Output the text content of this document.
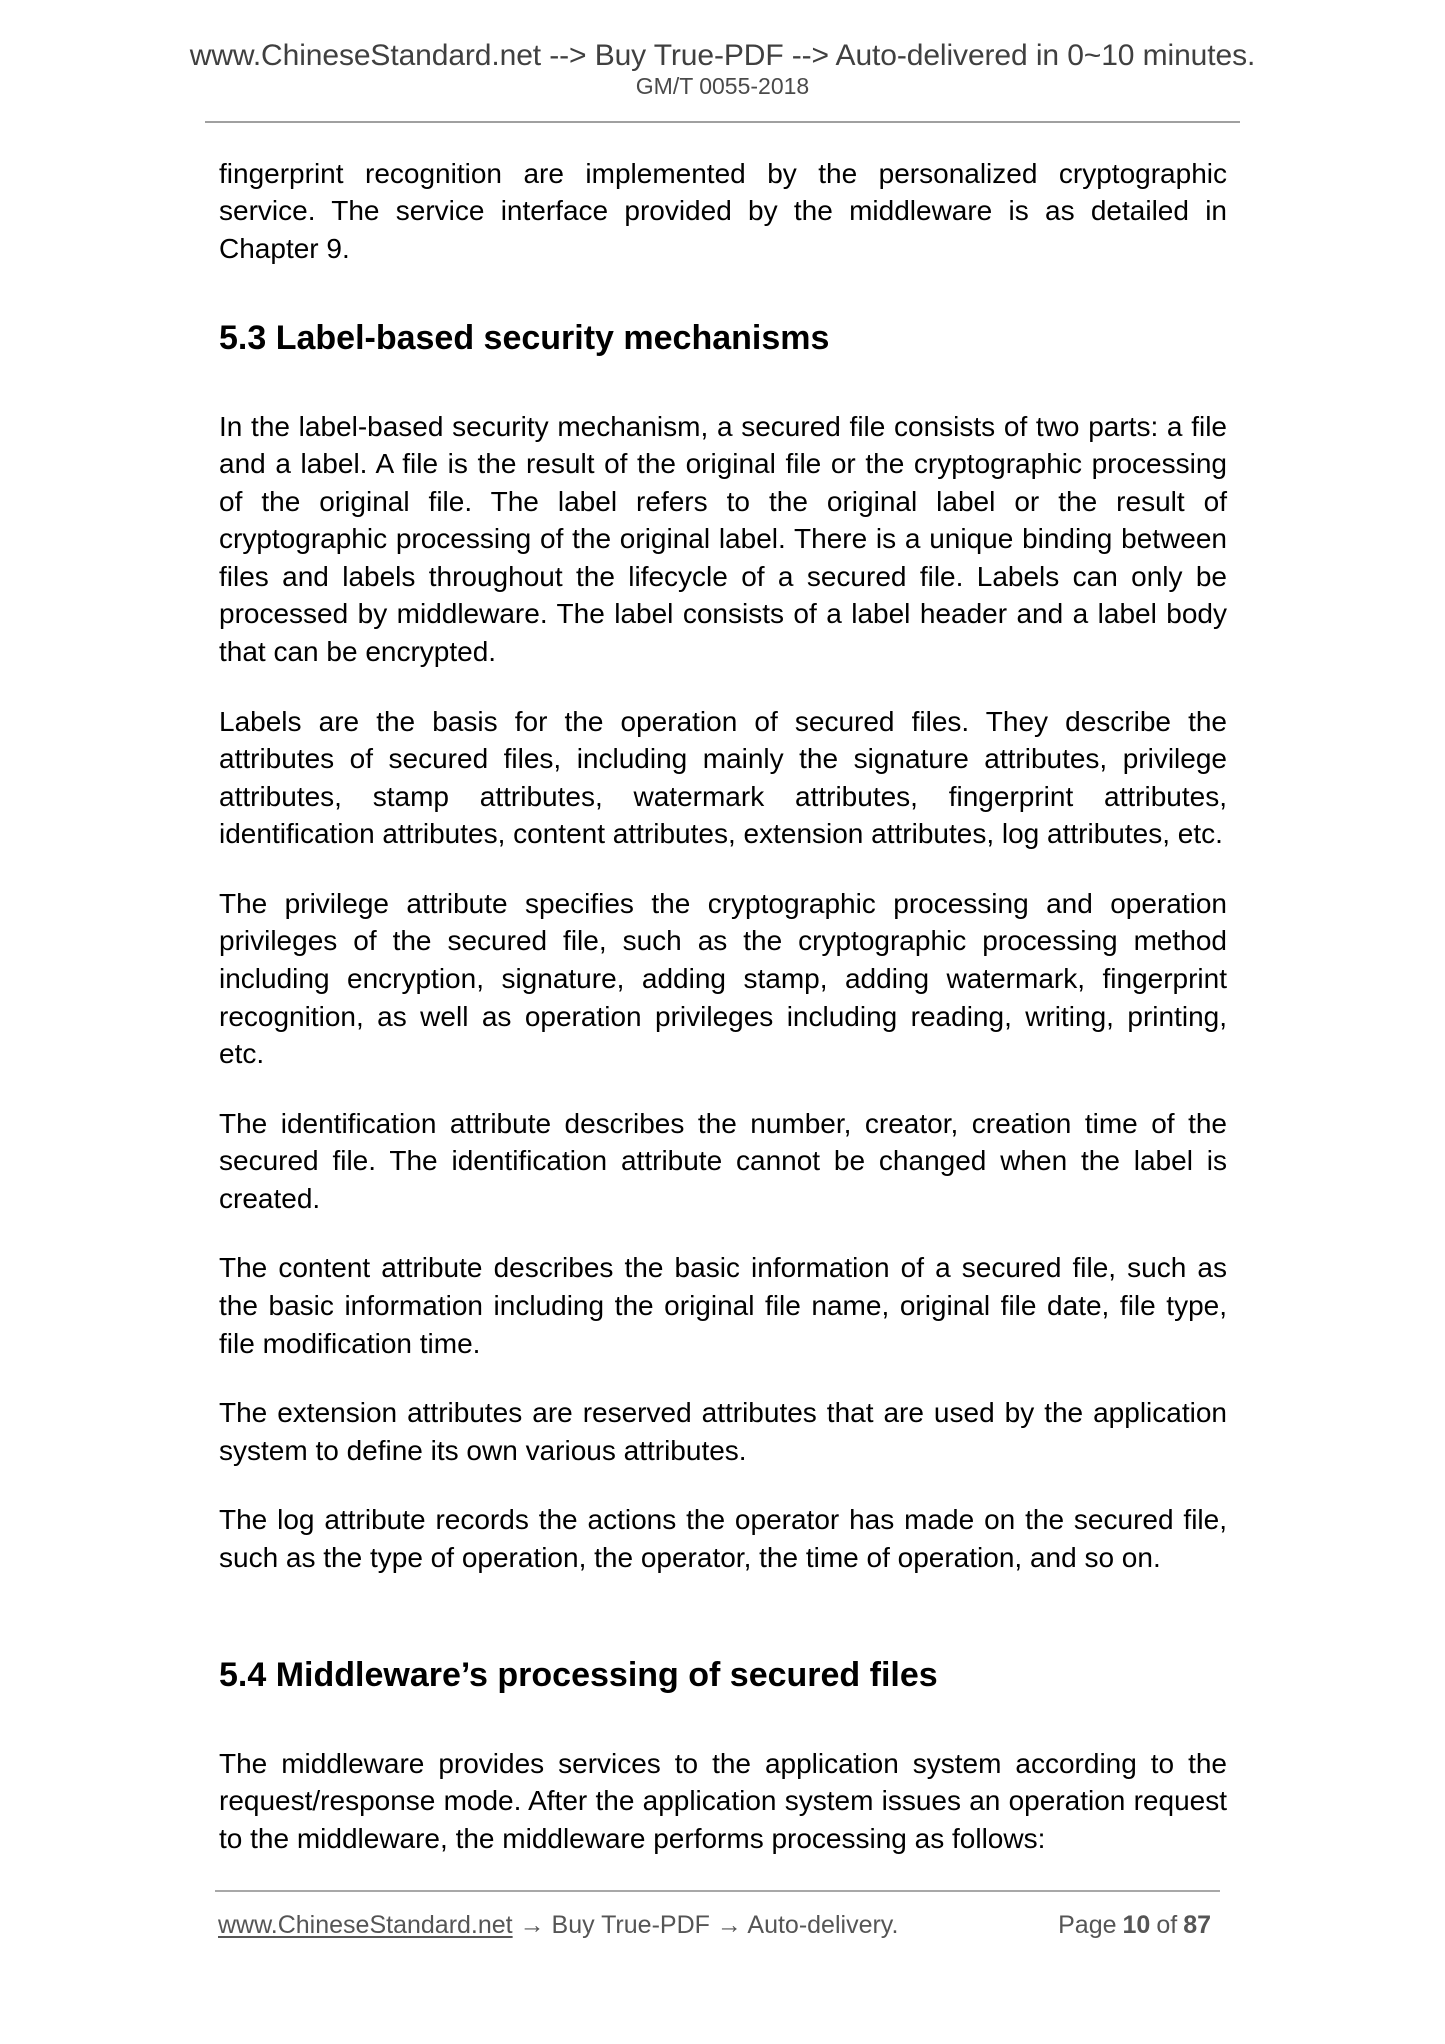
www.ChineseStandard.net --> Buy True-PDF --> Auto-delivered in 0~10 minutes.
GM/T 0055-2018

fingerprint recognition are implemented by the personalized cryptographic service. The service interface provided by the middleware is as detailed in Chapter 9.

5.3 Label-based security mechanisms

In the label-based security mechanism, a secured file consists of two parts: a file and a label. A file is the result of the original file or the cryptographic processing of the original file. The label refers to the original label or the result of cryptographic processing of the original label. There is a unique binding between files and labels throughout the lifecycle of a secured file. Labels can only be processed by middleware. The label consists of a label header and a label body that can be encrypted.

Labels are the basis for the operation of secured files. They describe the attributes of secured files, including mainly the signature attributes, privilege attributes, stamp attributes, watermark attributes, fingerprint attributes, identification attributes, content attributes, extension attributes, log attributes, etc.

The privilege attribute specifies the cryptographic processing and operation privileges of the secured file, such as the cryptographic processing method including encryption, signature, adding stamp, adding watermark, fingerprint recognition, as well as operation privileges including reading, writing, printing, etc.

The identification attribute describes the number, creator, creation time of the secured file. The identification attribute cannot be changed when the label is created.

The content attribute describes the basic information of a secured file, such as the basic information including the original file name, original file date, file type, file modification time.

The extension attributes are reserved attributes that are used by the application system to define its own various attributes.

The log attribute records the actions the operator has made on the secured file, such as the type of operation, the operator, the time of operation, and so on.

5.4 Middleware’s processing of secured files

The middleware provides services to the application system according to the request/response mode. After the application system issues an operation request to the middleware, the middleware performs processing as follows:

www.ChineseStandard.net → Buy True-PDF → Auto-delivery.	Page 10 of 87
